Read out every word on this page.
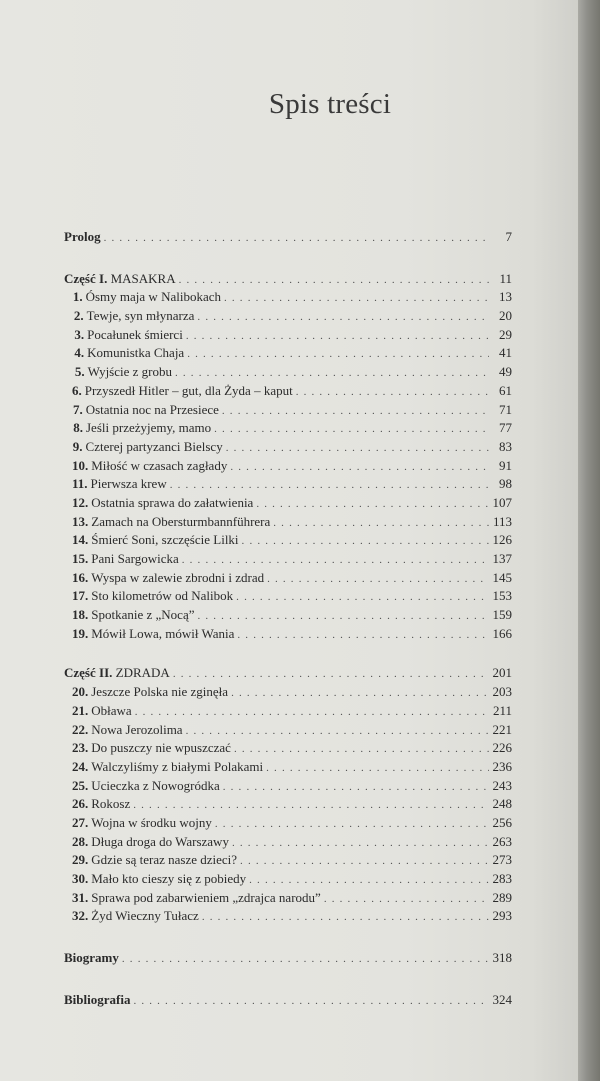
Spis treści
Prolog . . .	7
Część I. MASAKRA . . .	11
1. Ósmy maja w Nalibokach . . .	13
2. Tewje, syn młynarza . . .	20
3. Pocałunek śmierci . . .	29
4. Komunistka Chaja . . .	41
5. Wyjście z grobu . . .	49
6. Przyszedł Hitler – gut, dla Żyda – kaput . . .	61
7. Ostatnia noc na Przesiece . . .	71
8. Jeśli przeżyjemy, mamo . . .	77
9. Czterej partyzanci Bielscy . . .	83
10. Miłość w czasach zagłady . . .	91
11. Pierwsza krew . . .	98
12. Ostatnia sprawa do załatwienia . . .	107
13. Zamach na Obersturmbannführera . . .	113
14. Śmierć Soni, szczęście Lilki . . .	126
15. Pani Sargowicka . . .	137
16. Wyspa w zalewie zbrodni i zdrad . . .	145
17. Sto kilometrów od Nalibok . . .	153
18. Spotkanie z „Nocą” . . .	159
19. Mówił Lowa, mówił Wania . . .	166
Część II. ZDRADA . . .	201
20. Jeszcze Polska nie zginęła . . .	203
21. Obława . . .	211
22. Nowa Jerozolima . . .	221
23. Do puszczy nie wpuszczać . . .	226
24. Walczyliśmy z białymi Polakami . . .	236
25. Ucieczka z Nowogródka . . .	243
26. Rokosz . . .	248
27. Wojna w środku wojny . . .	256
28. Długa droga do Warszawy . . .	263
29. Gdzie są teraz nasze dzieci? . . .	273
30. Mało kto cieszy się z pobiedy . . .	283
31. Sprawa pod zabarwieniem „zdrajca narodu” . . .	289
32. Żyd Wieczny Tułacz . . .	293
Biogramy . . .	318
Bibliografia . . .	324
